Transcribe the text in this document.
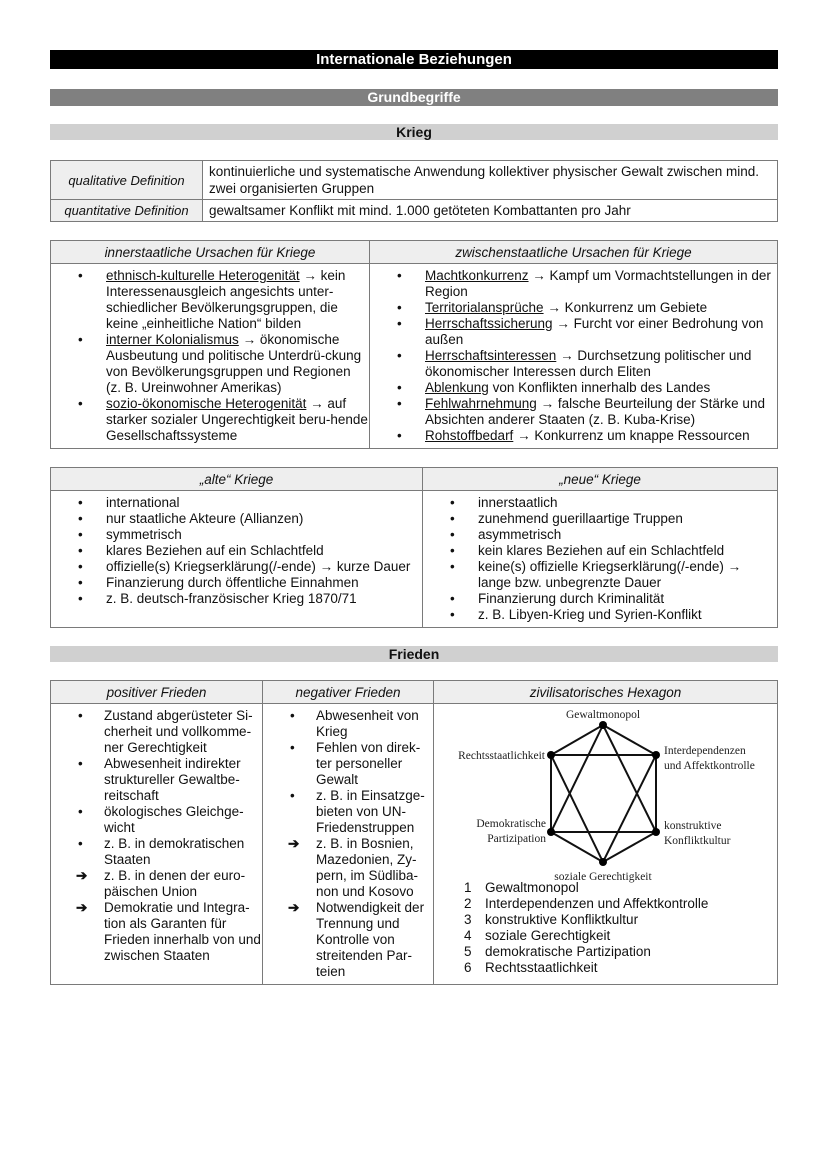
Internationale Beziehungen
Grundbegriffe
Krieg
qualitative Definition	kontinuierliche und systematische Anwendung kollektiver physischer Gewalt zwischen mind. zwei organisierten Gruppen
quantitative Definition	gewaltsamer Konflikt mit mind. 1.000 getöteten Kombattanten pro Jahr
innerstaatliche Ursachen für Kriege	zwischenstaatliche Ursachen für Kriege

•	ethnisch-kulturelle Heterogenität → kein Interessenausgleich angesichts unter-schiedlicher Bevölkerungsgruppen, die keine „einheitliche Nation“ bilden
•	interner Kolonialismus → ökonomische Ausbeutung und politische Unterdrü-ckung von Bevölkerungsgruppen und Regionen (z. B. Ureinwohner Amerikas)
•	sozio-ökonomische Heterogenität → auf starker sozialer Ungerechtigkeit beru-hende Gesellschaftssysteme

•	Machtkonkurrenz → Kampf um Vormachtstellungen in der Region
•	Territorialansprüche → Konkurrenz um Gebiete
•	Herrschaftssicherung → Furcht vor einer Bedrohung von außen
•	Herrschaftsinteressen → Durchsetzung politischer und ökonomischer Interessen durch Eliten
•	Ablenkung von Konflikten innerhalb des Landes
•	Fehlwahrnehmung → falsche Beurteilung der Stärke und Absichten anderer Staaten (z. B. Kuba-Krise)
•	Rohstoffbedarf → Konkurrenz um knappe Ressourcen
„alte“ Kriege	„neue“ Kriege

•	international
•	nur staatliche Akteure (Allianzen)
•	symmetrisch
•	klares Beziehen auf ein Schlachtfeld
•	offizielle(s) Kriegserklärung(/-ende) → kurze Dauer
•	Finanzierung durch öffentliche Einnahmen
•	z. B. deutsch-französischer Krieg 1870/71

•	innerstaatlich
•	zunehmend guerillaartige Truppen
•	asymmetrisch
•	kein klares Beziehen auf ein Schlachtfeld
•	keine(s) offizielle Kriegserklärung(/-ende) → lange bzw. unbegrenzte Dauer
•	Finanzierung durch Kriminalität
•	z. B. Libyen-Krieg und Syrien-Konflikt
Frieden
positiver Frieden	negativer Frieden	zivilisatorisches Hexagon

•	Zustand abgerüsteter Si-cherheit und vollkomme-ner Gerechtigkeit
•	Abwesenheit indirekter struktureller Gewaltbe-reitschaft
•	ökologisches Gleichge-wicht
•	z. B. in demokratischen Staaten
➔	z. B. in denen der euro-päischen Union
➔	Demokratie und Integra-tion als Garanten für Frieden innerhalb von und zwischen Staaten

•	Abwesenheit von Krieg
•	Fehlen von direk-ter personeller Gewalt
•	z. B. in Einsatzge-bieten von UN-Friedenstruppen
➔	z. B. in Bosnien, Mazedonien, Zy-pern, im Südliba-non und Kosovo
➔	Notwendigkeit der Trennung und Kontrolle von streitenden Par-teien

Gewaltmonopol
Interdependenzen
und Affektkontrolle
konstruktive
Konfliktkultur
soziale Gerechtigkeit
Demokratische
Partizipation
Rechtsstaatlichkeit
1 Gewaltmonopol
2 Interdependenzen und Affektkontrolle
3 konstruktive Konfliktkultur
4 soziale Gerechtigkeit
5 demokratische Partizipation
6 Rechtsstaatlichkeit
